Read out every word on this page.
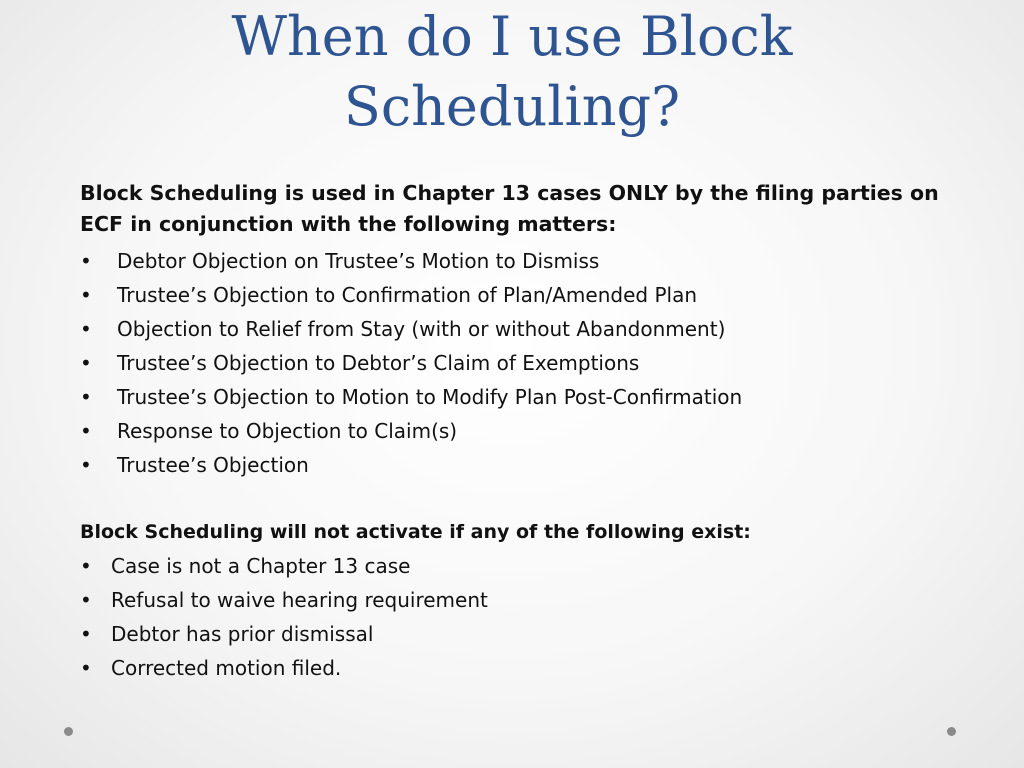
When do I use Block
Scheduling?

Block Scheduling is used in Chapter 13 cases ONLY by the filing parties on ECF in conjunction with the following matters:

• Debtor Objection on Trustee’s Motion to Dismiss
• Trustee’s Objection to Confirmation of Plan/Amended Plan
• Objection to Relief from Stay (with or without Abandonment)
• Trustee’s Objection to Debtor’s Claim of Exemptions
• Trustee’s Objection to Motion to Modify Plan Post-Confirmation
• Response to Objection to Claim(s)
• Trustee’s Objection

Block Scheduling will not activate if any of the following exist:

• Case is not a Chapter 13 case
• Refusal to waive hearing requirement
• Debtor has prior dismissal
• Corrected motion filed.
